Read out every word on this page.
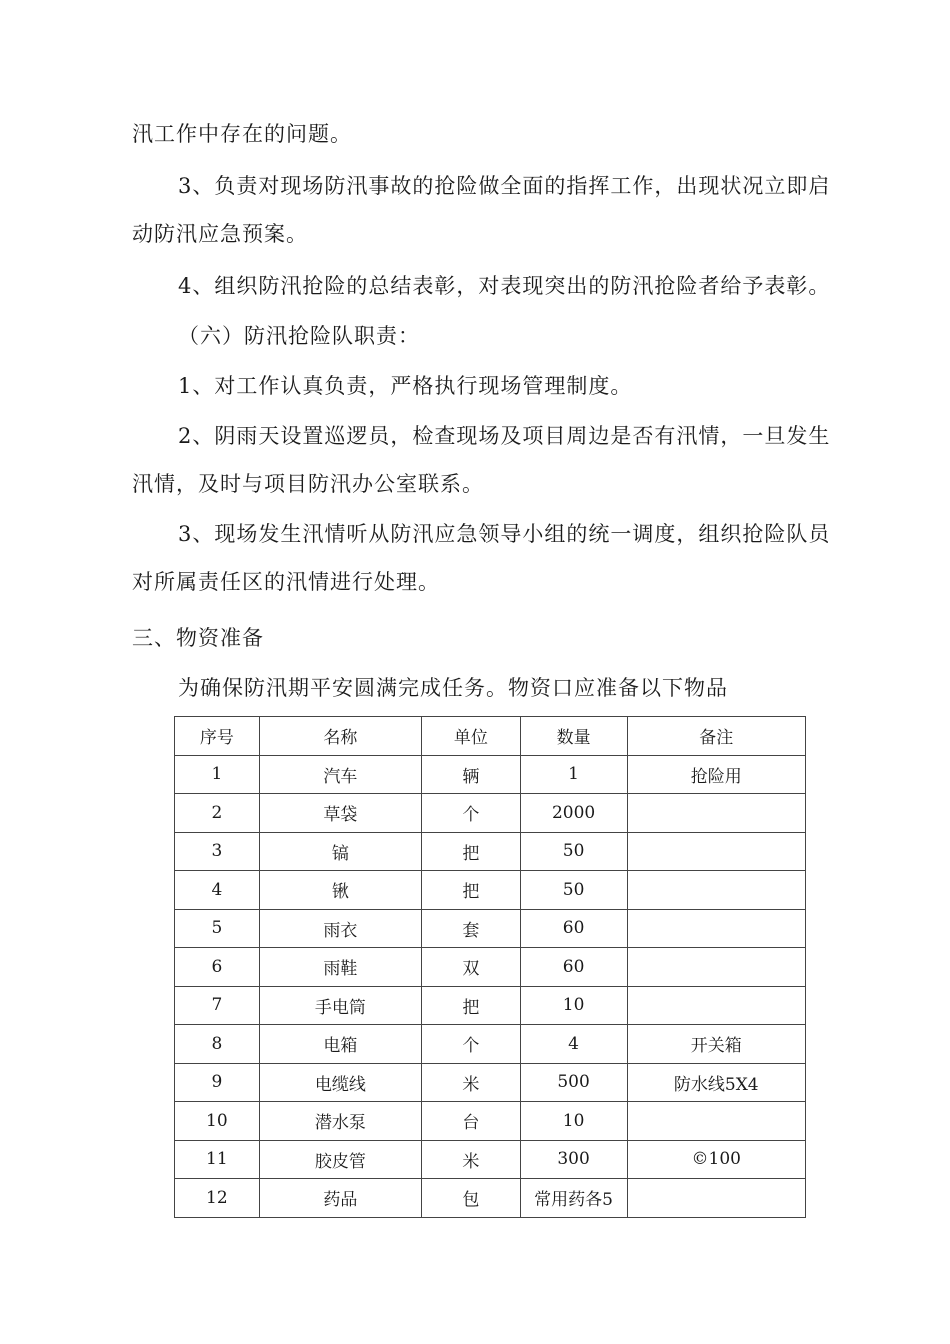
汛工作中存在的问题。

3、负责对现场防汛事故的抢险做全面的指挥工作，出现状况立即启
动防汛应急预案。

4、组织防汛抢险的总结表彰，对表现突出的防汛抢险者给予表彰。

（六）防汛抢险队职责：

1、对工作认真负责，严格执行现场管理制度。

2、阴雨天设置巡逻员，检查现场及项目周边是否有汛情，一旦发生
汛情，及时与项目防汛办公室联系。

3、现场发生汛情听从防汛应急领导小组的统一调度，组织抢险队员
对所属责任区的汛情进行处理。

三、物资准备

为确保防汛期平安圆满完成任务。物资口应准备以下物品

序号	名称	单位	数量	备注
1	汽车	辆	1	抢险用
2	草袋	个	2000	
3	镐	把	50	
4	锹	把	50	
5	雨衣	套	60	
6	雨鞋	双	60	
7	手电筒	把	10	
8	电箱	个	4	开关箱
9	电缆线	米	500	防水线5X4
10	潜水泵	台	10	
11	胶皮管	米	300	©100
12	药品	包	常用药各5	
